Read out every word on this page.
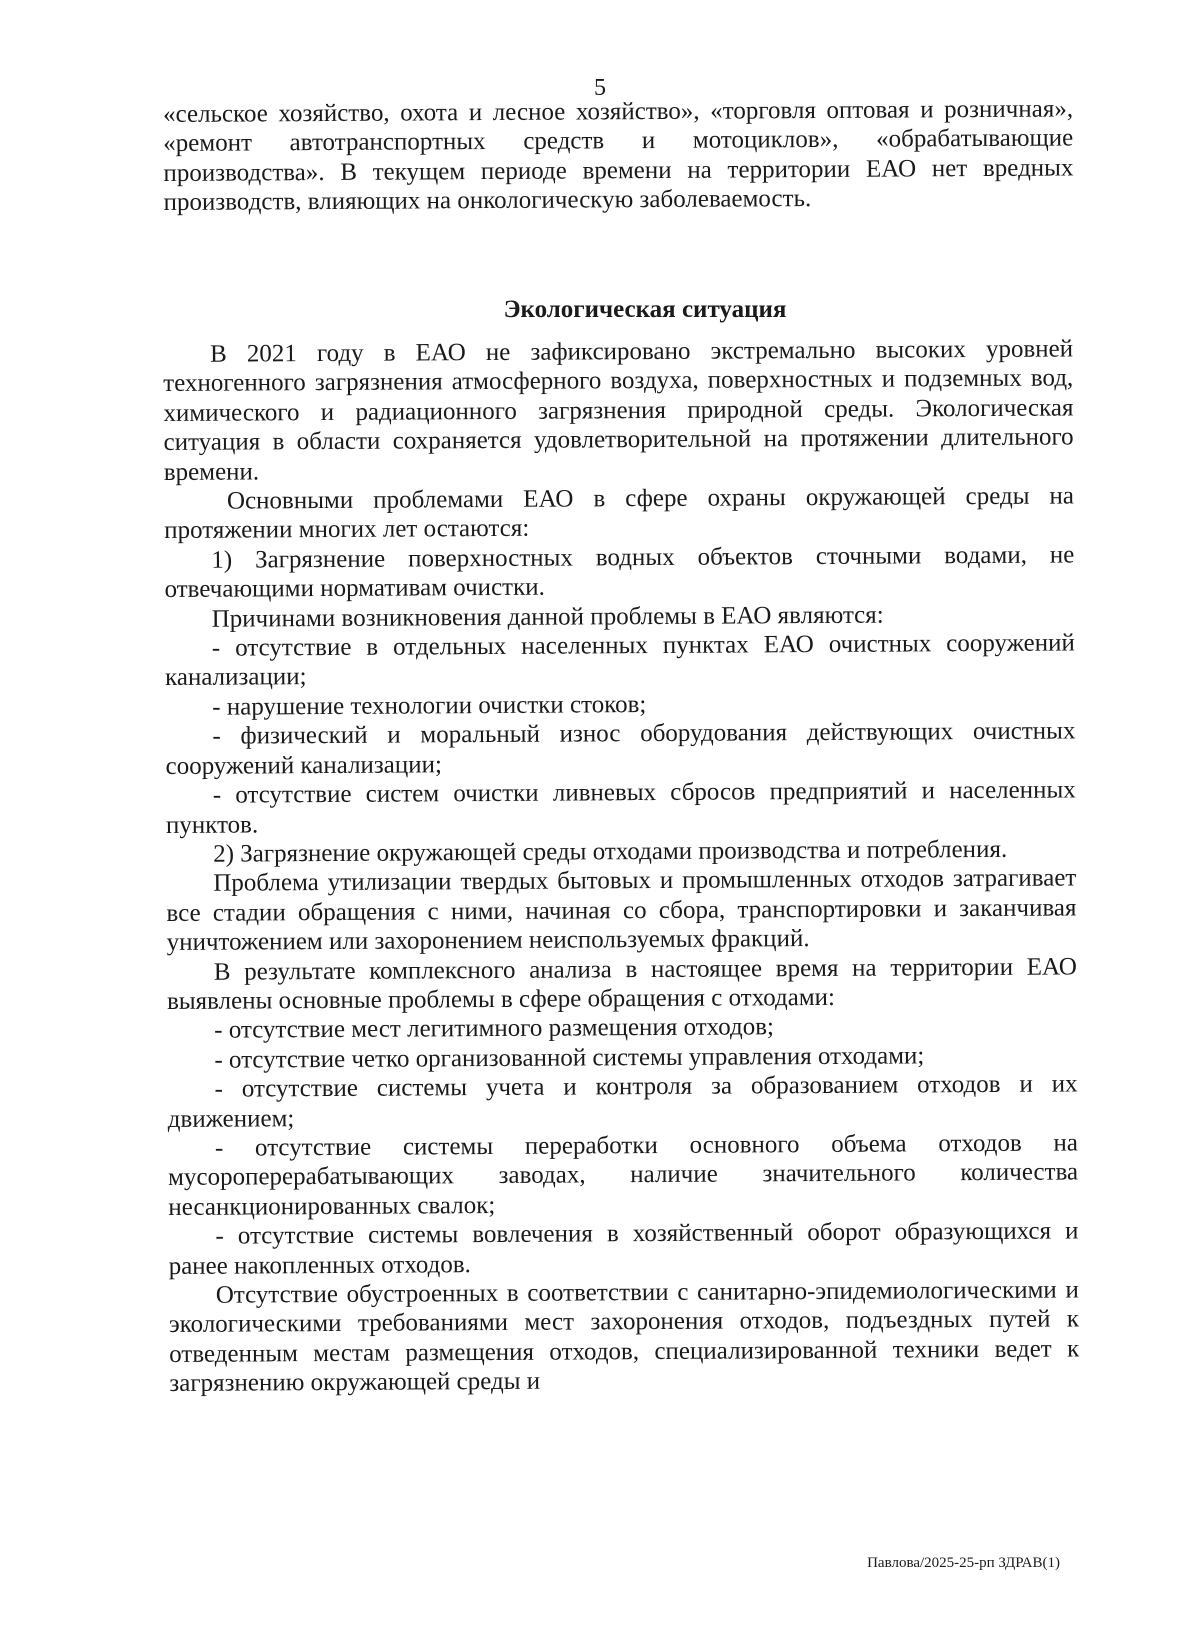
5

«сельское хозяйство, охота и лесное хозяйство», «торговля оптовая и розничная», «ремонт автотранспортных средств и мотоциклов», «обрабатывающие производства». В текущем периоде времени на территории ЕАО нет вредных производств, влияющих на онкологическую заболеваемость.

Экологическая ситуация

В 2021 году в ЕАО не зафиксировано экстремально высоких уровней техногенного загрязнения атмосферного воздуха, поверхностных и подземных вод, химического и радиационного загрязнения природной среды. Экологическая ситуация в области сохраняется удовлетворительной на протяжении длительного времени.

Основными проблемами ЕАО в сфере охраны окружающей среды на протяжении многих лет остаются:

1) Загрязнение поверхностных водных объектов сточными водами, не отвечающими нормативам очистки.

Причинами возникновения данной проблемы в ЕАО являются:

- отсутствие в отдельных населенных пунктах ЕАО очистных сооружений канализации;

- нарушение технологии очистки стоков;

- физический и моральный износ оборудования действующих очистных сооружений канализации;

- отсутствие систем очистки ливневых сбросов предприятий и населенных пунктов.

2) Загрязнение окружающей среды отходами производства и потребления.

Проблема утилизации твердых бытовых и промышленных отходов затрагивает все стадии обращения с ними, начиная со сбора, транспортировки и заканчивая уничтожением или захоронением неиспользуемых фракций.

В результате комплексного анализа в настоящее время на территории ЕАО выявлены основные проблемы в сфере обращения с отходами:

- отсутствие мест легитимного размещения отходов;

- отсутствие четко организованной системы управления отходами;

- отсутствие системы учета и контроля за образованием отходов и их движением;

- отсутствие системы переработки основного объема отходов на мусороперерабатывающих заводах, наличие значительного количества несанкционированных свалок;

- отсутствие системы вовлечения в хозяйственный оборот образующихся и ранее накопленных отходов.

Отсутствие обустроенных в соответствии с санитарно-эпидемиологическими и экологическими требованиями мест захоронения отходов, подъездных путей к отведенным местам размещения отходов, специализированной техники ведет к загрязнению окружающей среды и

Павлова/2025-25-рп ЗДРАВ(1)
